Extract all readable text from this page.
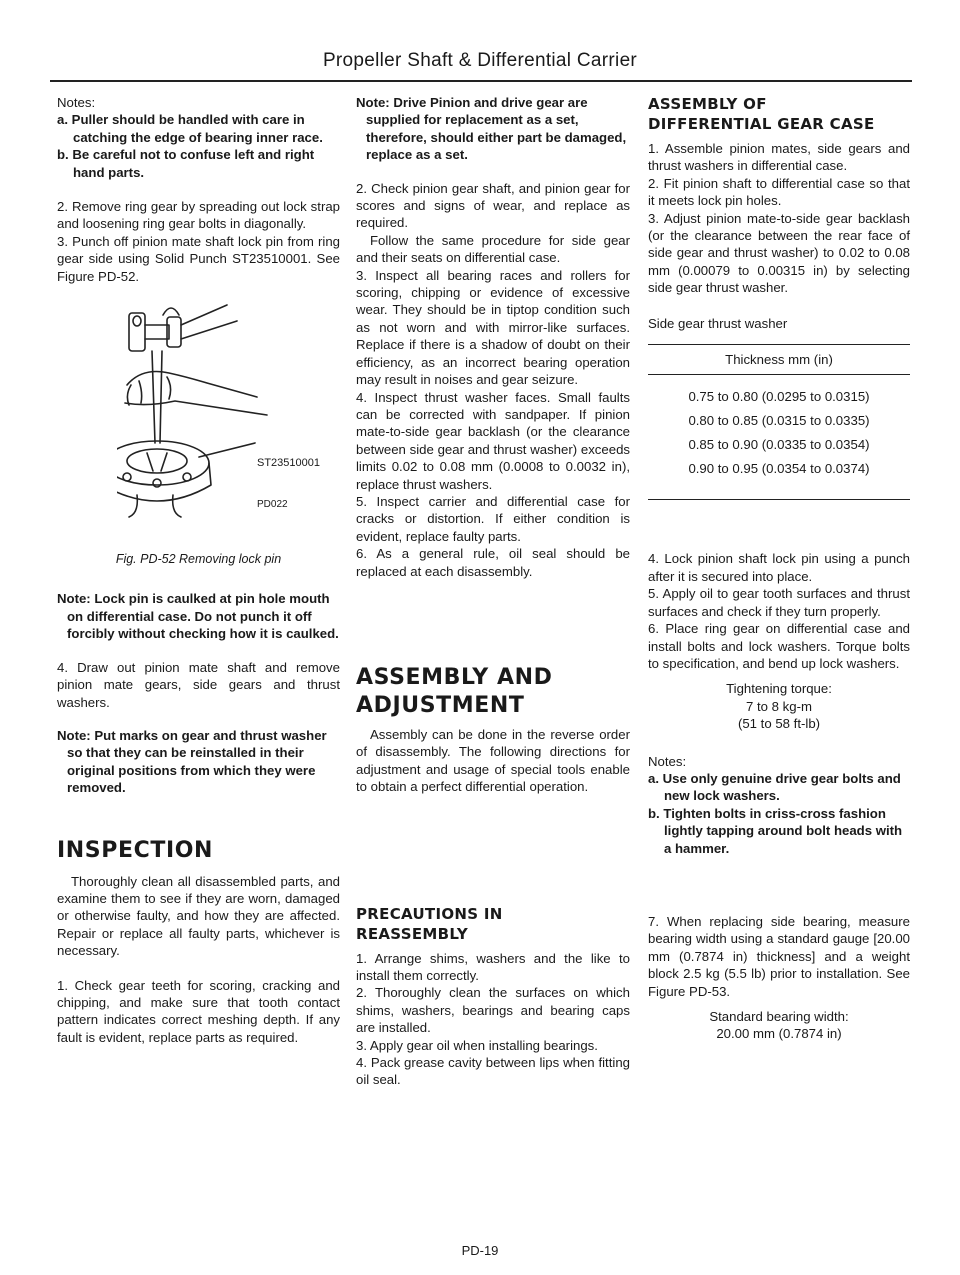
Propeller Shaft & Differential Carrier

Notes:

a. Puller should be handled with care in catching the edge of bearing inner race.

b. Be careful not to confuse left and right hand parts.

2. Remove ring gear by spreading out lock strap and loosening ring gear bolts in diagonally.

3. Punch off pinion mate shaft lock pin from ring gear side using Solid Punch ST23510001. See Figure PD-52.

ST23510001
PD022

Fig. PD-52 Removing lock pin

Note: Lock pin is caulked at pin hole mouth on differential case. Do not punch it off forcibly without checking how it is caulked.

4. Draw out pinion mate shaft and remove pinion mate gears, side gears and thrust washers.

Note: Put marks on gear and thrust washer so that they can be reinstalled in their original positions from which they were removed.

INSPECTION

Thoroughly clean all disassembled parts, and examine them to see if they are worn, damaged or otherwise faulty, and how they are affected. Repair or replace all faulty parts, whichever is necessary.

1. Check gear teeth for scoring, cracking and chipping, and make sure that tooth contact pattern indicates correct meshing depth. If any fault is evident, replace parts as required.

Note: Drive Pinion and drive gear are supplied for replacement as a set, therefore, should either part be damaged, replace as a set.

2. Check pinion gear shaft, and pinion gear for scores and signs of wear, and replace as required.

Follow the same procedure for side gear and their seats on differential case.

3. Inspect all bearing races and rollers for scoring, chipping or evidence of excessive wear. They should be in tiptop condition such as not worn and with mirror-like surfaces. Replace if there is a shadow of doubt on their efficiency, as an incorrect bearing operation may result in noises and gear seizure.

4. Inspect thrust washer faces. Small faults can be corrected with sandpaper. If pinion mate-to-side gear backlash (or the clearance between side gear and thrust washer) exceeds limits 0.02 to 0.08 mm (0.0008 to 0.0032 in), replace thrust washers.

5. Inspect carrier and differential case for cracks or distortion. If either condition is evident, replace faulty parts.

6. As a general rule, oil seal should be replaced at each disassembly.

ASSEMBLY AND
ADJUSTMENT

Assembly can be done in the reverse order of disassembly. The following directions for adjustment and usage of special tools enable to obtain a perfect differential operation.

PRECAUTIONS IN
REASSEMBLY

1. Arrange shims, washers and the like to install them correctly.

2. Thoroughly clean the surfaces on which shims, washers, bearings and bearing caps are installed.

3. Apply gear oil when installing bearings.

4. Pack grease cavity between lips when fitting oil seal.

ASSEMBLY OF
DIFFERENTIAL GEAR CASE

1. Assemble pinion mates, side gears and thrust washers in differential case.

2. Fit pinion shaft to differential case so that it meets lock pin holes.

3. Adjust pinion mate-to-side gear backlash (or the clearance between the rear face of side gear and thrust washer) to 0.02 to 0.08 mm (0.00079 to 0.00315 in) by selecting side gear thrust washer.

Side gear thrust washer

Thickness mm (in)
0.75 to 0.80 (0.0295 to 0.0315)
0.80 to 0.85 (0.0315 to 0.0335)
0.85 to 0.90 (0.0335 to 0.0354)
0.90 to 0.95 (0.0354 to 0.0374)

4. Lock pinion shaft lock pin using a punch after it is secured into place.

5. Apply oil to gear tooth surfaces and thrust surfaces and check if they turn properly.

6. Place ring gear on differential case and install bolts and lock washers. Torque bolts to specification, and bend up lock washers.

Tightening torque:
7 to 8 kg-m
(51 to 58 ft-lb)

Notes:

a. Use only genuine drive gear bolts and new lock washers.

b. Tighten bolts in criss-cross fashion lightly tapping around bolt heads with a hammer.

7. When replacing side bearing, measure bearing width using a standard gauge [20.00 mm (0.7874 in) thickness] and a weight block 2.5 kg (5.5 lb) prior to installation. See Figure PD-53.

Standard bearing width:
20.00 mm (0.7874 in)
PD-19
